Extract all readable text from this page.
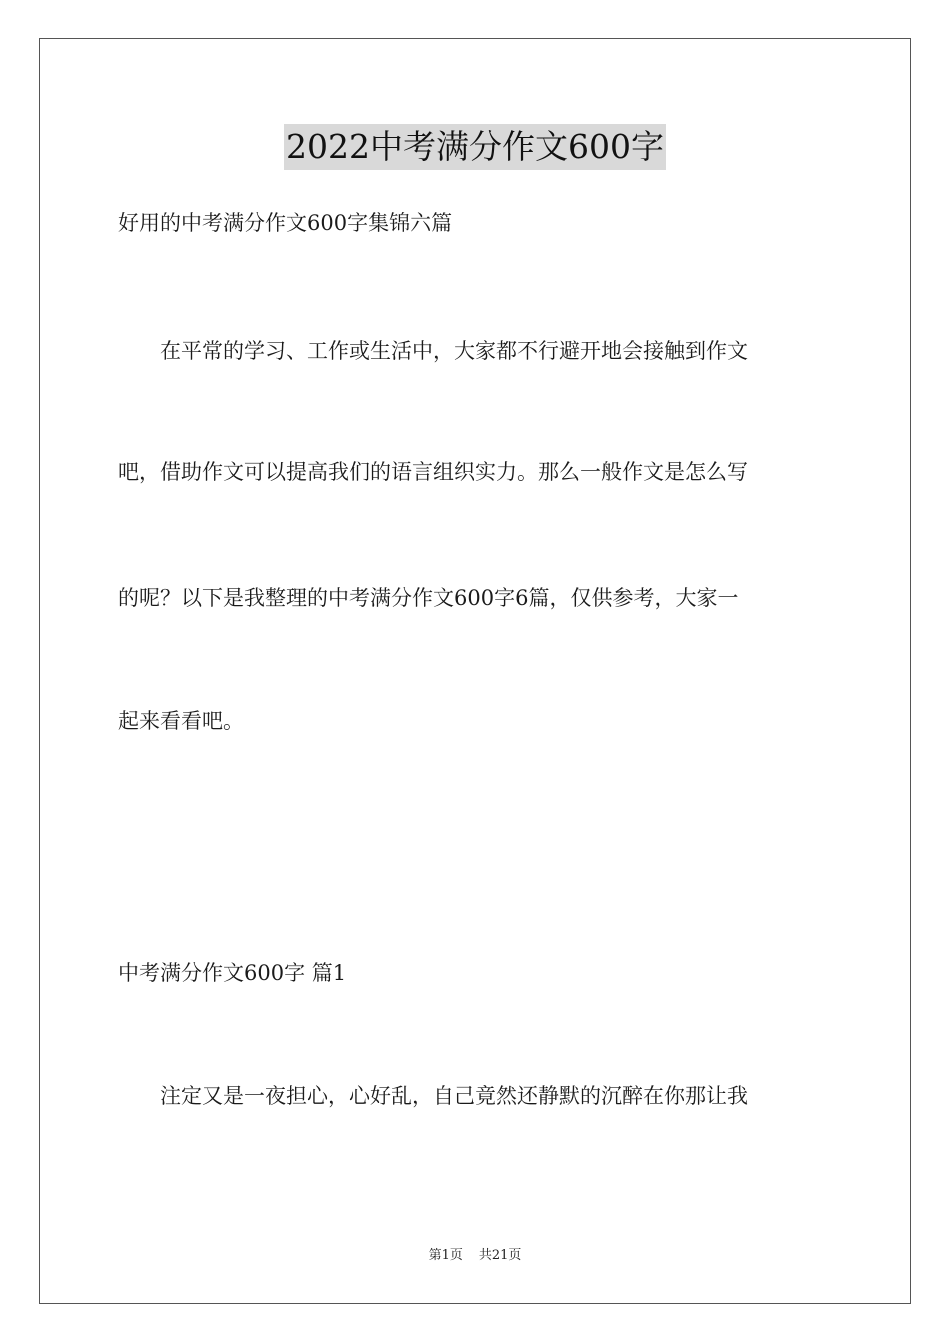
2022中考满分作文600字
好用的中考满分作文600字集锦六篇
　　在平常的学习、工作或生活中，大家都不行避开地会接触到作文
吧，借助作文可以提高我们的语言组织实力。那么一般作文是怎么写
的呢？以下是我整理的中考满分作文600字6篇，仅供参考，大家一
起来看看吧。
中考满分作文600字 篇1
　　注定又是一夜担心，心好乱，自己竟然还静默的沉醉在你那让我
第1页 共21页
